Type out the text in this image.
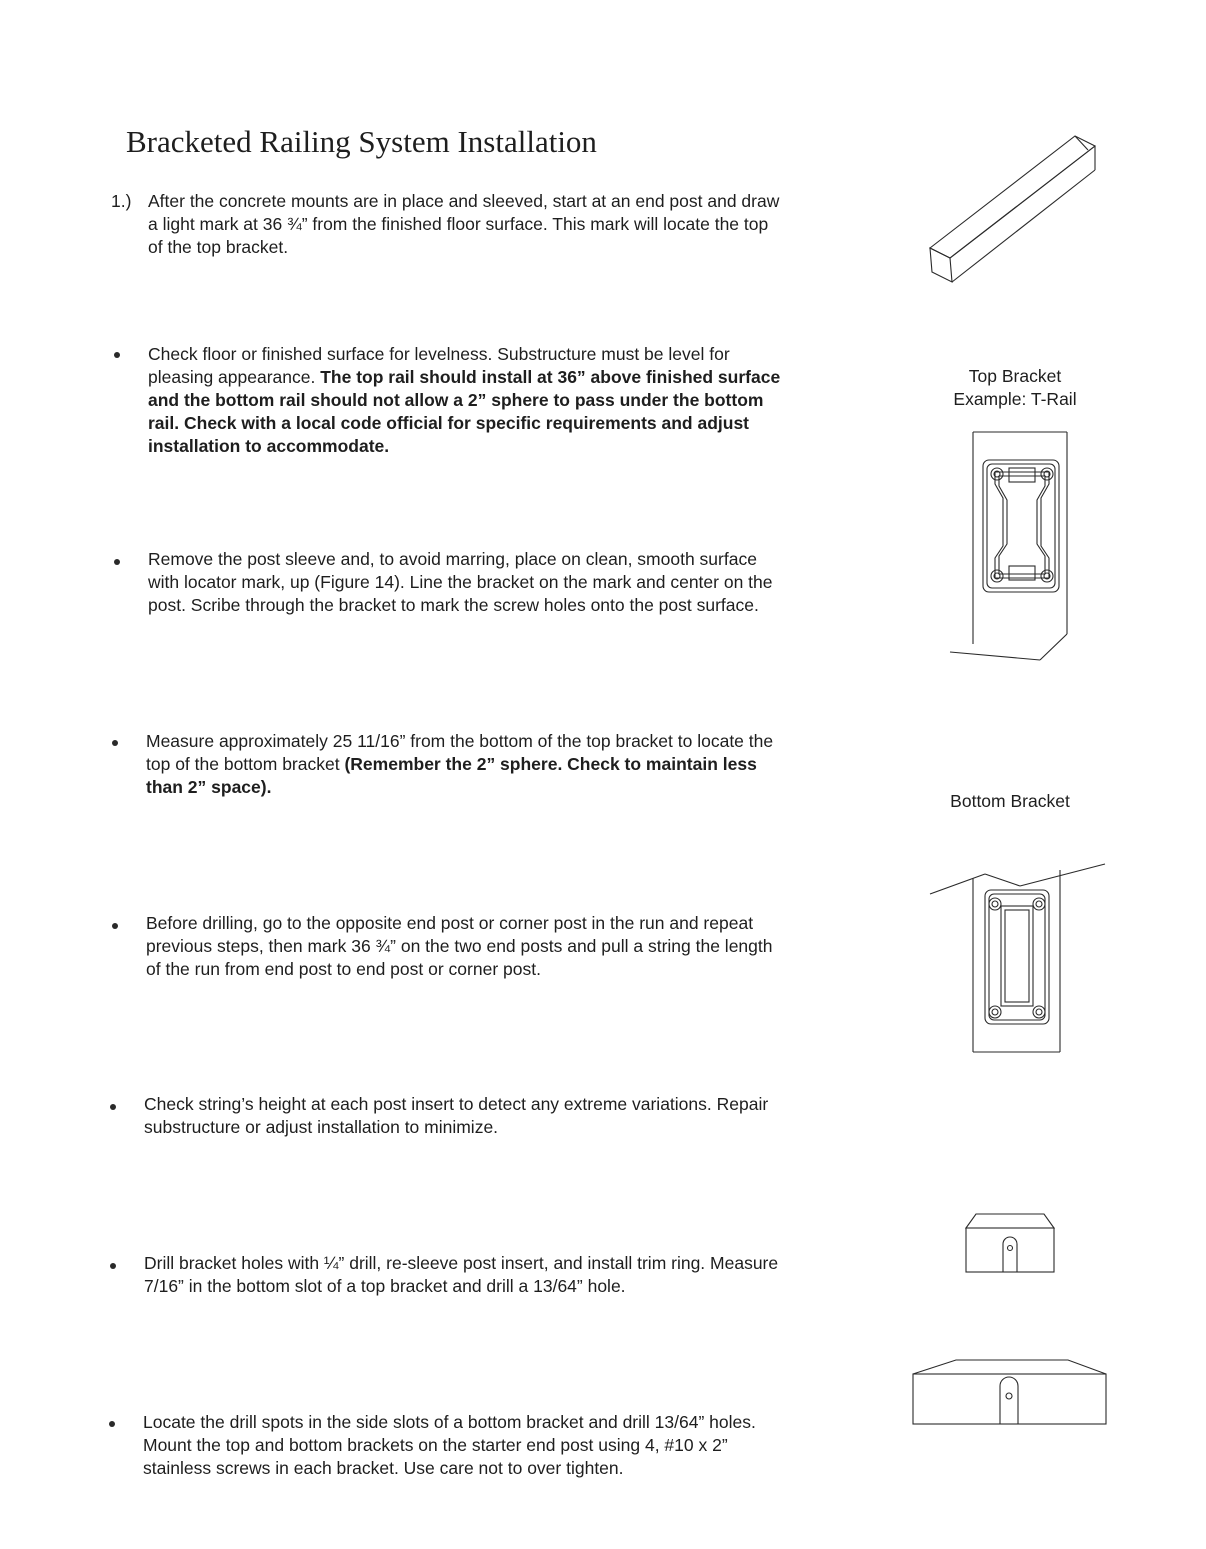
Bracketed Railing System Installation
1.) After the concrete mounts are in place and sleeved, start at an end post and draw
a light mark at 36 ¾” from the finished floor surface. This mark will locate the top
of the top bracket.
Check floor or finished surface for levelness. Substructure must be level for
pleasing appearance. The top rail should install at 36” above finished surface
and the bottom rail should not allow a 2” sphere to pass under the bottom
rail. Check with a local code official for specific requirements and adjust
installation to accommodate.
Remove the post sleeve and, to avoid marring, place on clean, smooth surface
with locator mark, up (Figure 14). Line the bracket on the mark and center on the
post. Scribe through the bracket to mark the screw holes onto the post surface.
Measure approximately 25 11/16” from the bottom of the top bracket to locate the
top of the bottom bracket (Remember the 2” sphere. Check to maintain less
than 2” space).
Before drilling, go to the opposite end post or corner post in the run and repeat
previous steps, then mark 36 ¾” on the two end posts and pull a string the length
of the run from end post to end post or corner post.
Check string’s height at each post insert to detect any extreme variations. Repair
substructure or adjust installation to minimize.
Drill bracket holes with ¼” drill, re-sleeve post insert, and install trim ring. Measure
7/16” in the bottom slot of a top bracket and drill a 13/64” hole.
Locate the drill spots in the side slots of a bottom bracket and drill 13/64” holes.
Mount the top and bottom brackets on the starter end post using 4, #10 x 2”
stainless screws in each bracket. Use care not to over tighten.
Top Bracket
Example: T-Rail
Bottom Bracket
